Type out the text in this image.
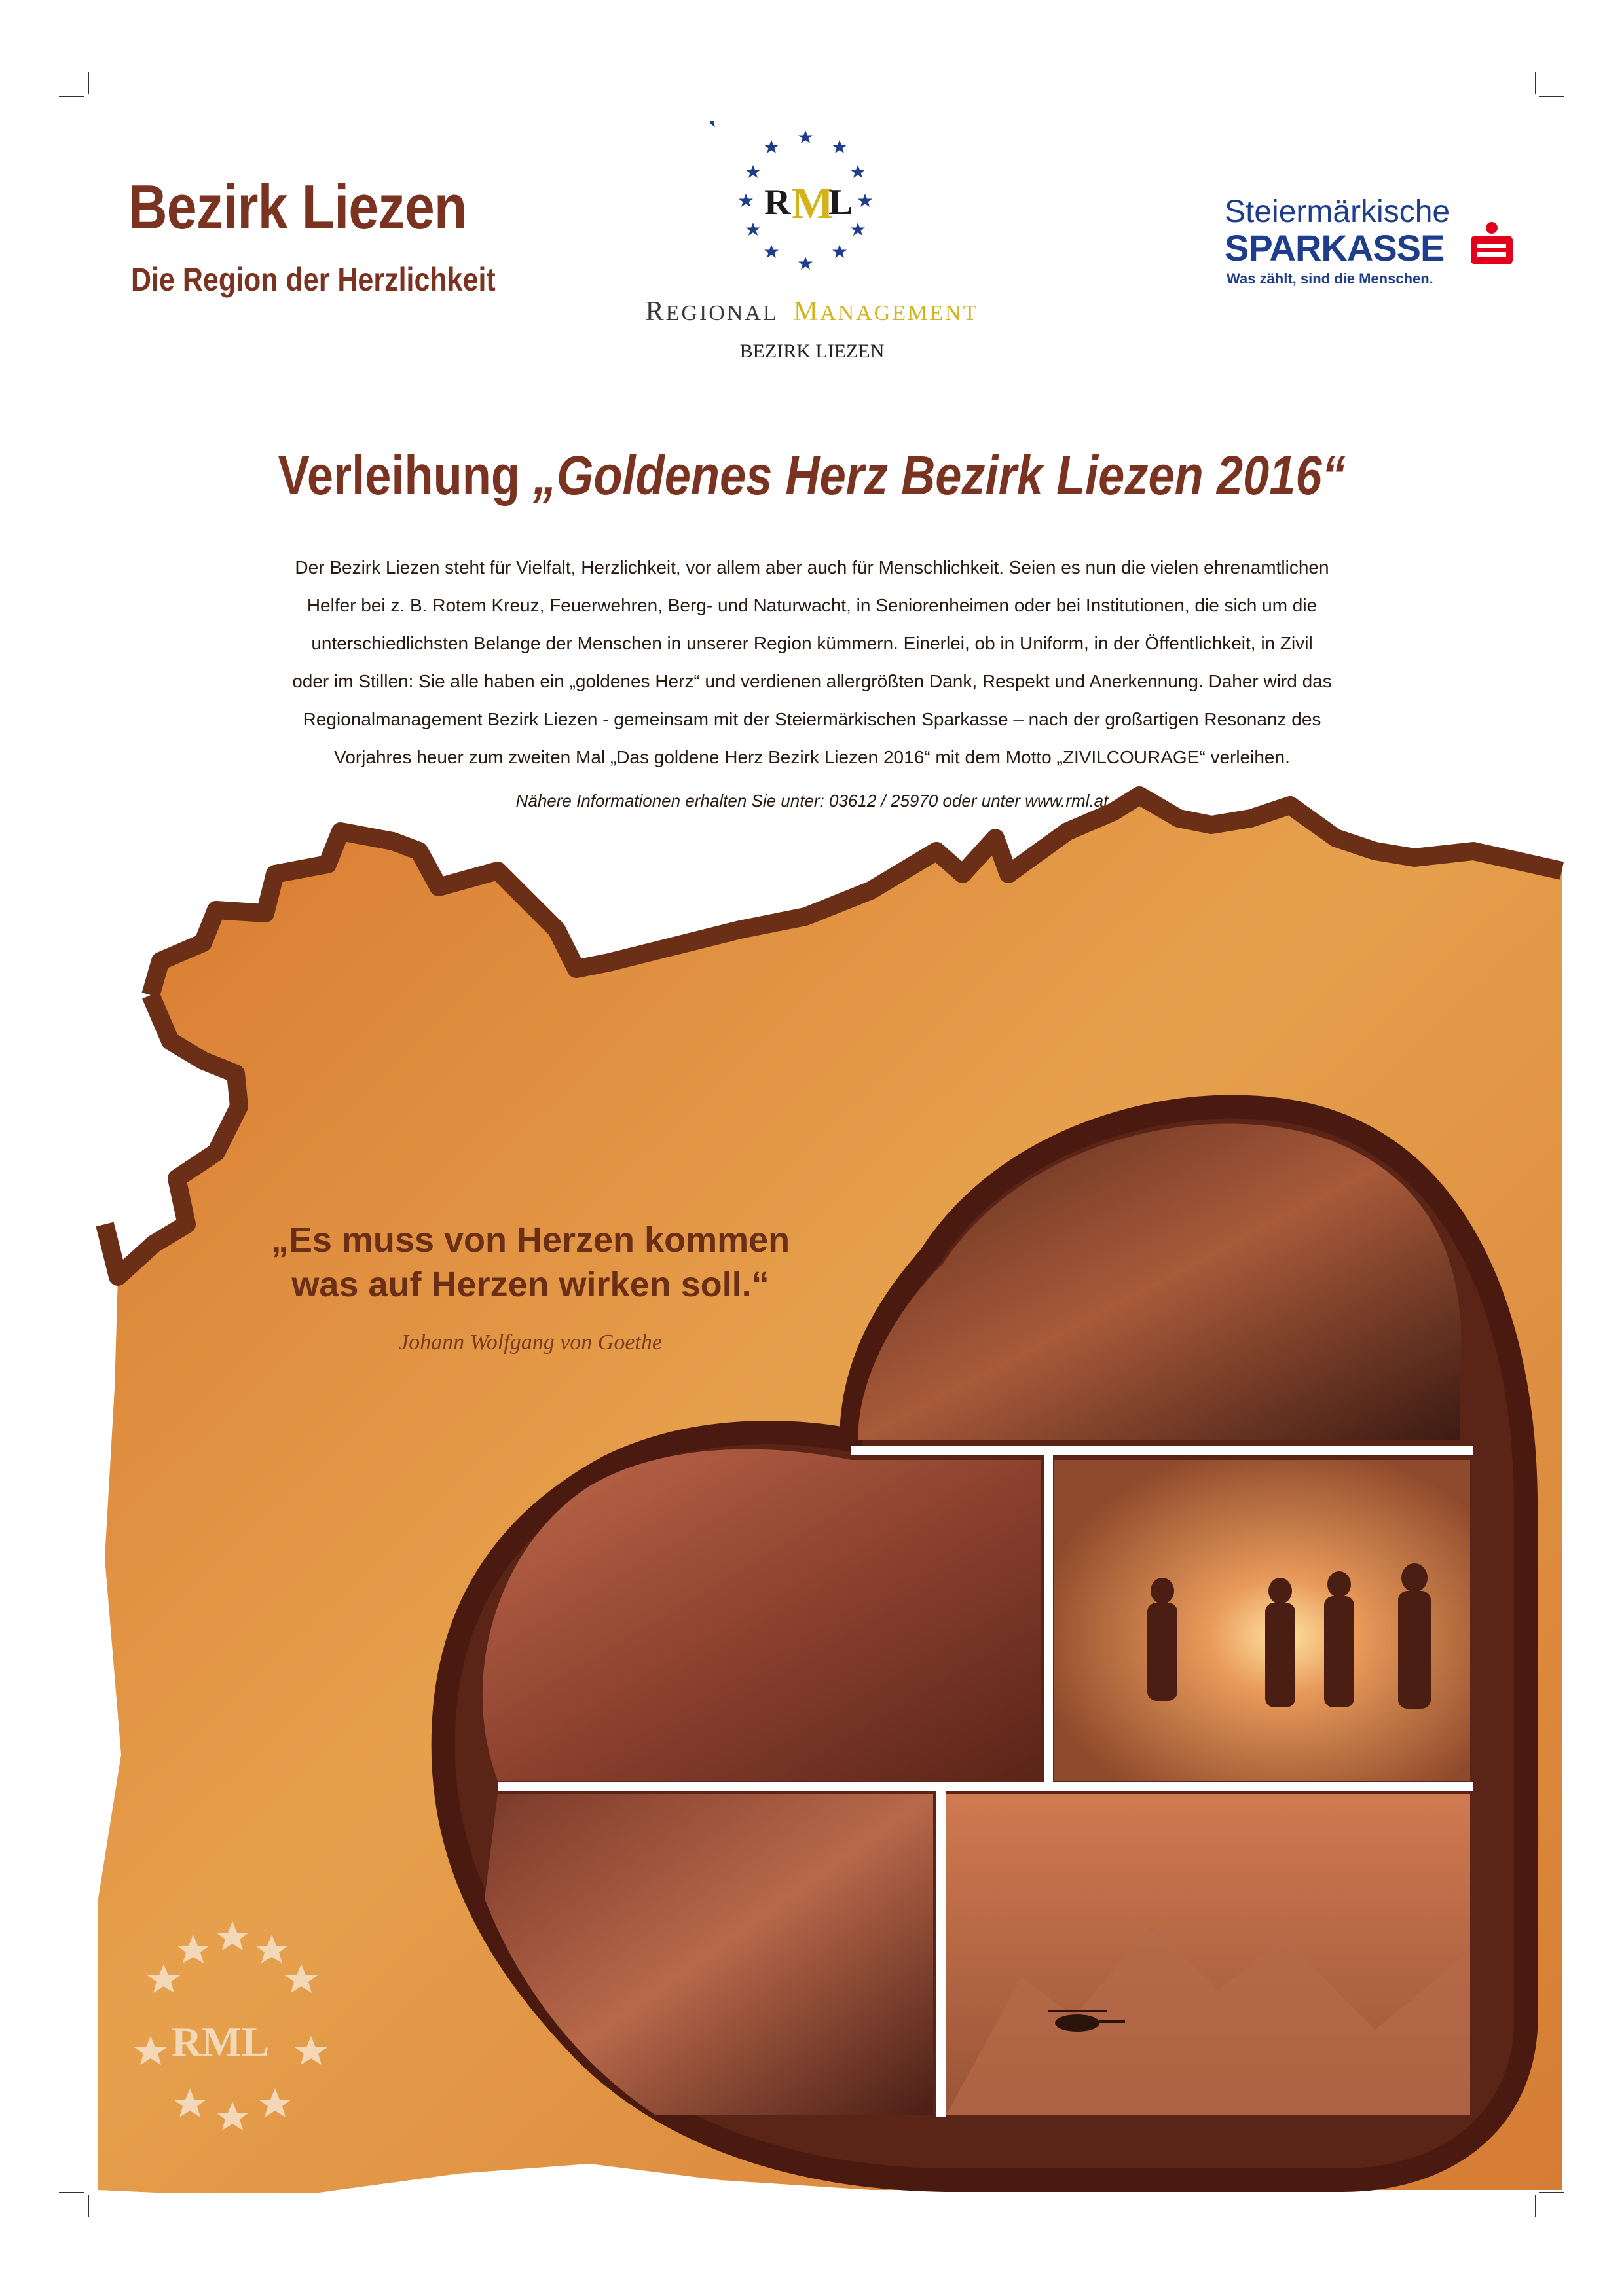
Bezirk Liezen
Die Region der Herzlichkeit
R M
L
REGIONAL MANAGEMENT
BEZIRK LIEZEN
Steiermärkische
SPARKASSE
Was zählt, sind die Menschen.
Verleihung „Goldenes Herz Bezirk Liezen 2016“
Der Bezirk Liezen steht für Vielfalt, Herzlichkeit, vor allem aber auch für Menschlichkeit. Seien es nun die vielen ehrenamtlichen Helfer bei z. B. Rotem Kreuz, Feuerwehren, Berg- und Naturwacht, in Seniorenheimen oder bei Institutionen, die sich um die unterschiedlichsten Belange der Menschen in unserer Region kümmern. Einerlei, ob in Uniform, in der Öffentlichkeit, in Zivil oder im Stillen: Sie alle haben ein „goldenes Herz“ und verdienen allergrößten Dank, Respekt und Anerkennung. Daher wird das Regionalmanagement Bezirk Liezen - gemeinsam mit der Steiermärkischen Sparkasse – nach der großartigen Resonanz des Vorjahres heuer zum zweiten Mal „Das goldene Herz Bezirk Liezen 2016“ mit dem Motto „ZIVILCOURAGE“ verleihen.
Nähere Informationen erhalten Sie unter: 03612 / 25970 oder unter www.rml.at
RML
„Es muss von Herzen kommen
was auf Herzen wirken soll.“
Johann Wolfgang von Goethe
